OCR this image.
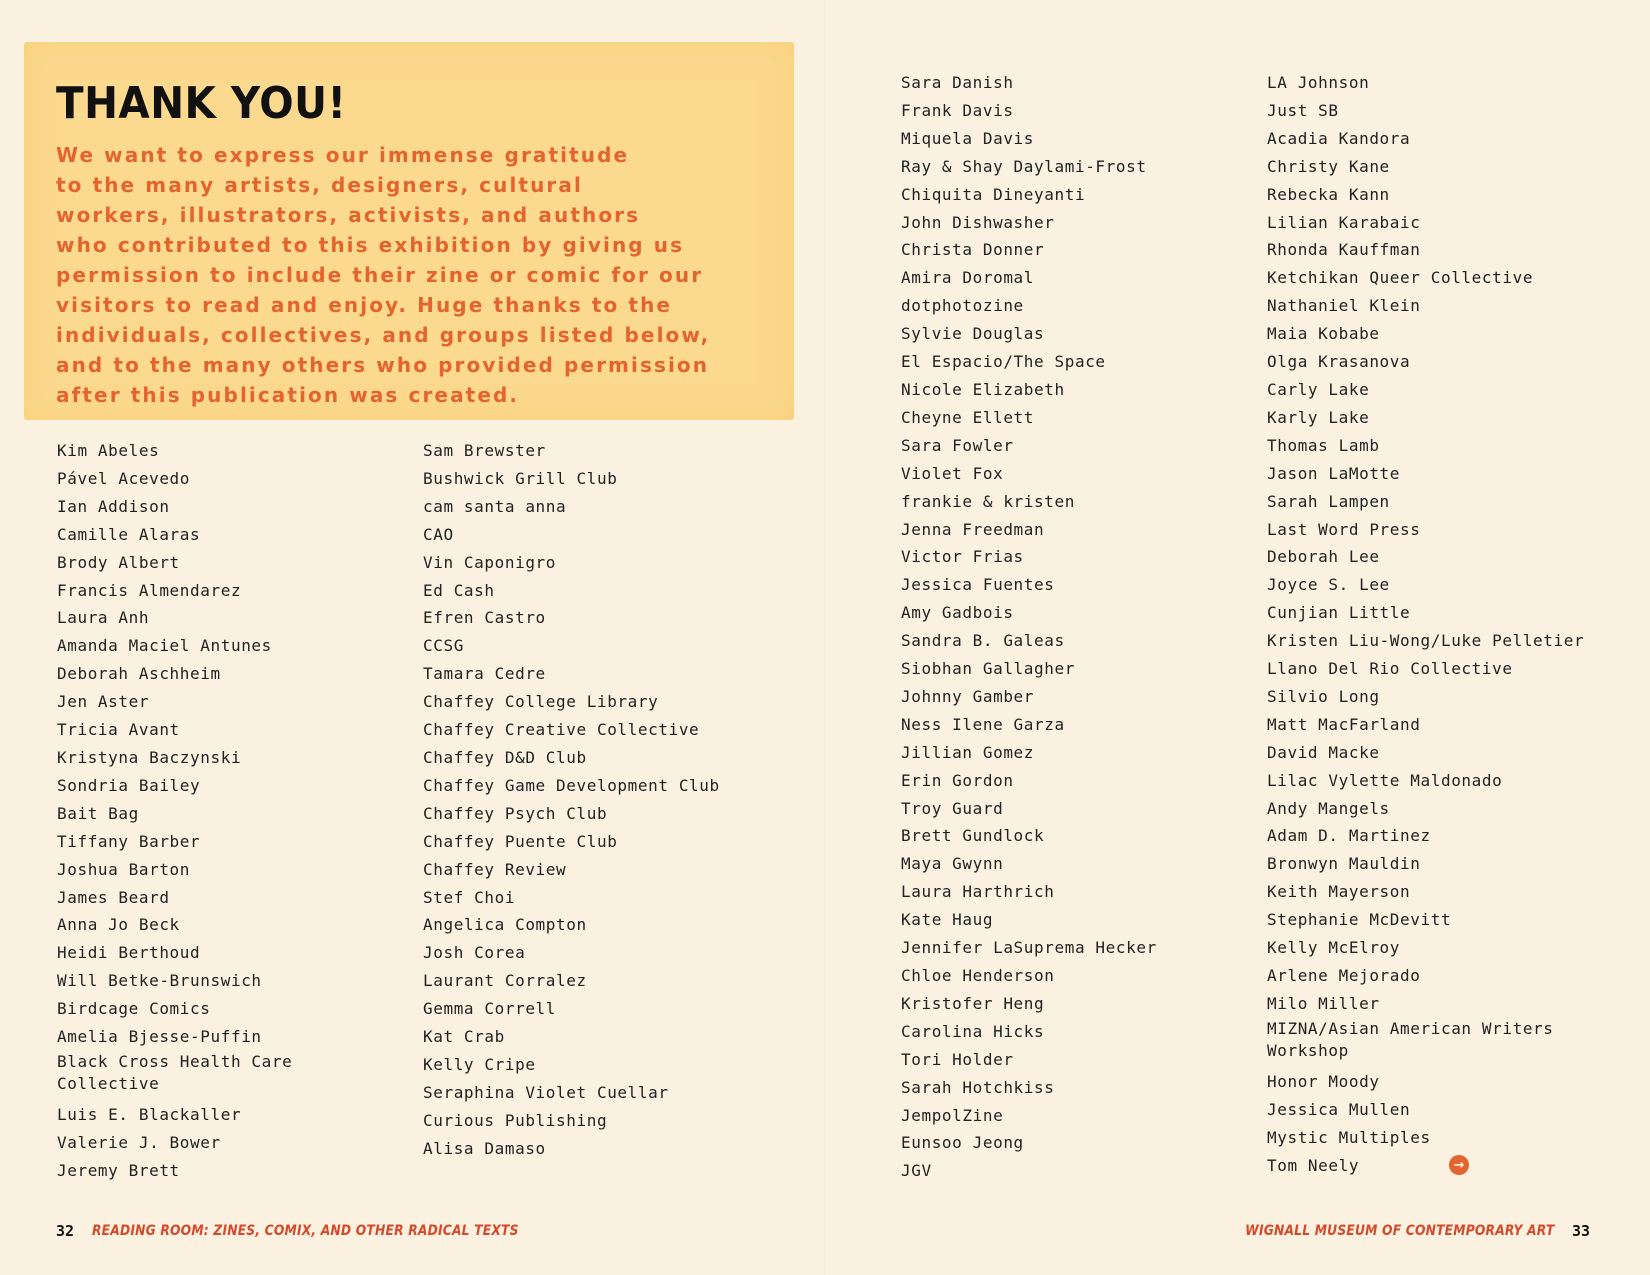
THANK YOU!

We want to express our immense gratitude
to the many artists, designers, cultural
workers, illustrators, activists, and authors
who contributed to this exhibition by giving us
permission to include their zine or comic for our
visitors to read and enjoy. Huge thanks to the
individuals, collectives, and groups listed below,
and to the many others who provided permission
after this publication was created.

Kim Abeles
Pável Acevedo
Ian Addison
Camille Alaras
Brody Albert
Francis Almendarez
Laura Anh
Amanda Maciel Antunes
Deborah Aschheim
Jen Aster
Tricia Avant
Kristyna Baczynski
Sondria Bailey
Bait Bag
Tiffany Barber
Joshua Barton
James Beard
Anna Jo Beck
Heidi Berthoud
Will Betke-Brunswich
Birdcage Comics
Amelia Bjesse-Puffin
Black Cross Health Care Collective
Luis E. Blackaller
Valerie J. Bower
Jeremy Brett
Sam Brewster
Bushwick Grill Club
cam santa anna
CAO
Vin Caponigro
Ed Cash
Efren Castro
CCSG
Tamara Cedre
Chaffey College Library
Chaffey Creative Collective
Chaffey D&D Club
Chaffey Game Development Club
Chaffey Psych Club
Chaffey Puente Club
Chaffey Review
Stef Choi
Angelica Compton
Josh Corea
Laurant Corralez
Gemma Correll
Kat Crab
Kelly Cripe
Seraphina Violet Cuellar
Curious Publishing
Alisa Damaso
Sara Danish
Frank Davis
Miquela Davis
Ray & Shay Daylami-Frost
Chiquita Dineyanti
John Dishwasher
Christa Donner
Amira Doromal
dotphotozine
Sylvie Douglas
El Espacio/The Space
Nicole Elizabeth
Cheyne Ellett
Sara Fowler
Violet Fox
frankie & kristen
Jenna Freedman
Victor Frias
Jessica Fuentes
Amy Gadbois
Sandra B. Galeas
Siobhan Gallagher
Johnny Gamber
Ness Ilene Garza
Jillian Gomez
Erin Gordon
Troy Guard
Brett Gundlock
Maya Gwynn
Laura Harthrich
Kate Haug
Jennifer LaSuprema Hecker
Chloe Henderson
Kristofer Heng
Carolina Hicks
Tori Holder
Sarah Hotchkiss
JempolZine
Eunsoo Jeong
JGV
LA Johnson
Just SB
Acadia Kandora
Christy Kane
Rebecka Kann
Lilian Karabaic
Rhonda Kauffman
Ketchikan Queer Collective
Nathaniel Klein
Maia Kobabe
Olga Krasanova
Carly Lake
Karly Lake
Thomas Lamb
Jason LaMotte
Sarah Lampen
Last Word Press
Deborah Lee
Joyce S. Lee
Cunjian Little
Kristen Liu-Wong/Luke Pelletier
Llano Del Rio Collective
Silvio Long
Matt MacFarland
David Macke
Lilac Vylette Maldonado
Andy Mangels
Adam D. Martinez
Bronwyn Mauldin
Keith Mayerson
Stephanie McDevitt
Kelly McElroy
Arlene Mejorado
Milo Miller
MIZNA/Asian American Writers Workshop
Honor Moody
Jessica Mullen
Mystic Multiples
Tom Neely	→
32 READING ROOM: ZINES, COMIX, AND OTHER RADICAL TEXTS	WIGNALL MUSEUM OF CONTEMPORARY ART 33
